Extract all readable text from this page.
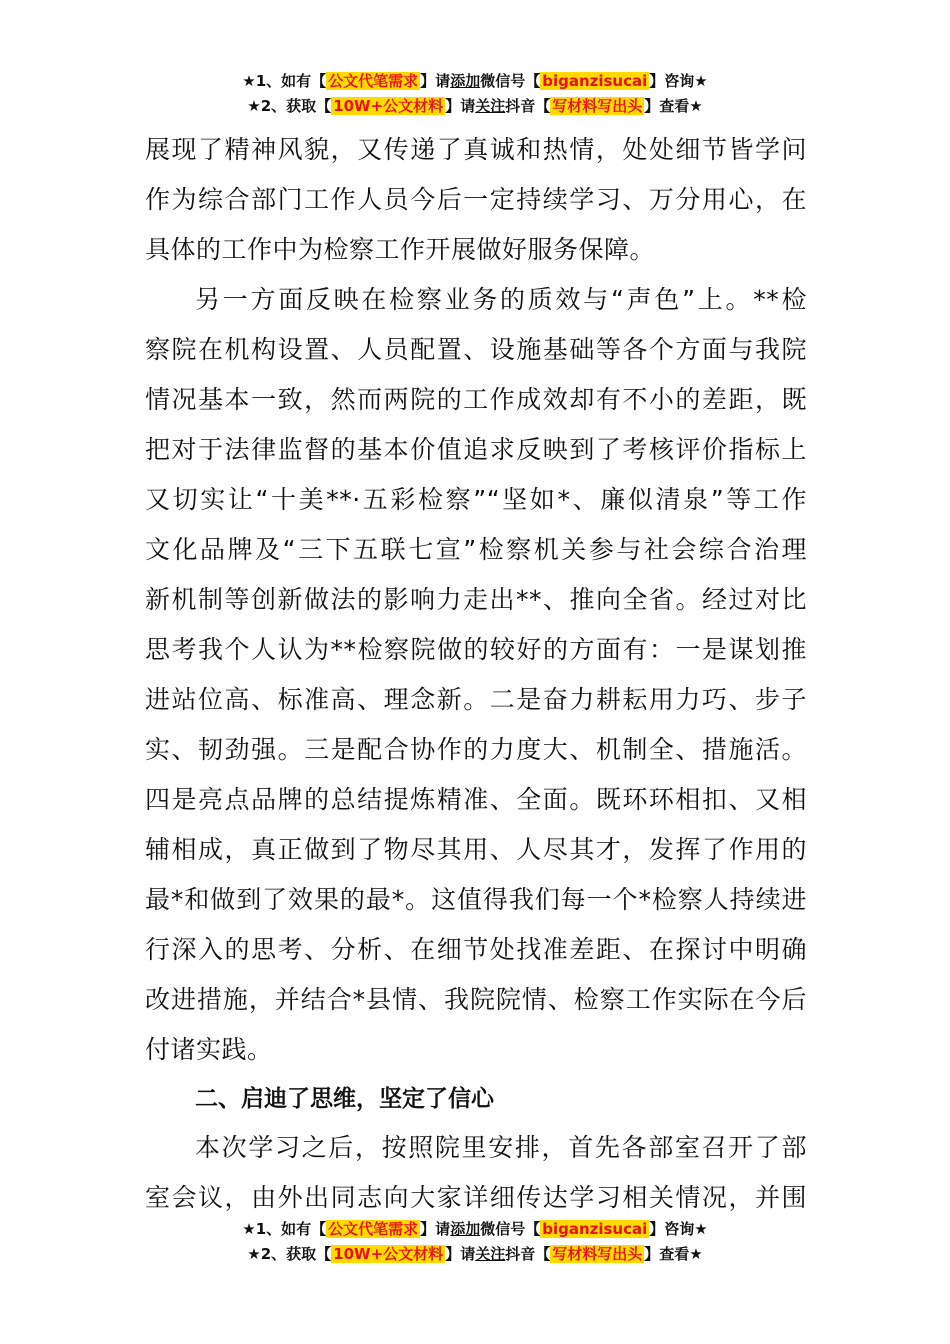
★1、如有【 公文代笔需求 】请添加微信号【 biganzisucai 】咨询★
★2、获取【 10W+公文材料 】请关注抖音【 写材料写出头 】查看★
展现了精神风貌，又传递了真诚和热情，处处细节皆学问
作为综合部门工作人员今后一定持续学习、万分用心，在
具体的工作中为检察工作开展做好服务保障。
另一方面反映在检察业务的质效与“声色”上。**检
察院在机构设置、人员配置、设施基础等各个方面与我院
情况基本一致，然而两院的工作成效却有不小的差距，既
把对于法律监督的基本价值追求反映到了考核评价指标上
又切实让“十美**·五彩检察”“坚如*、廉似清泉”等工作
文化品牌及“三下五联七宣”检察机关参与社会综合治理
新机制等创新做法的影响力走出**、推向全省。经过对比
思考我个人认为**检察院做的较好的方面有：一是谋划推
进站位高、标准高、理念新。二是奋力耕耘用力巧、步子
实、韧劲强。三是配合协作的力度大、机制全、措施活。
四是亮点品牌的总结提炼精准、全面。既环环相扣、又相
辅相成，真正做到了物尽其用、人尽其才，发挥了作用的
最*和做到了效果的最*。这值得我们每一个*检察人持续进
行深入的思考、分析、在细节处找准差距、在探讨中明确
改进措施，并结合*县情、我院院情、检察工作实际在今后
付诸实践。
二、启迪了思维，坚定了信心
本次学习之后，按照院里安排，首先各部室召开了部
室会议，由外出同志向大家详细传达学习相关情况，并围
★1、如有【 公文代笔需求 】请添加微信号【 biganzisucai 】咨询★
★2、获取【 10W+公文材料 】请关注抖音【 写材料写出头 】查看★
